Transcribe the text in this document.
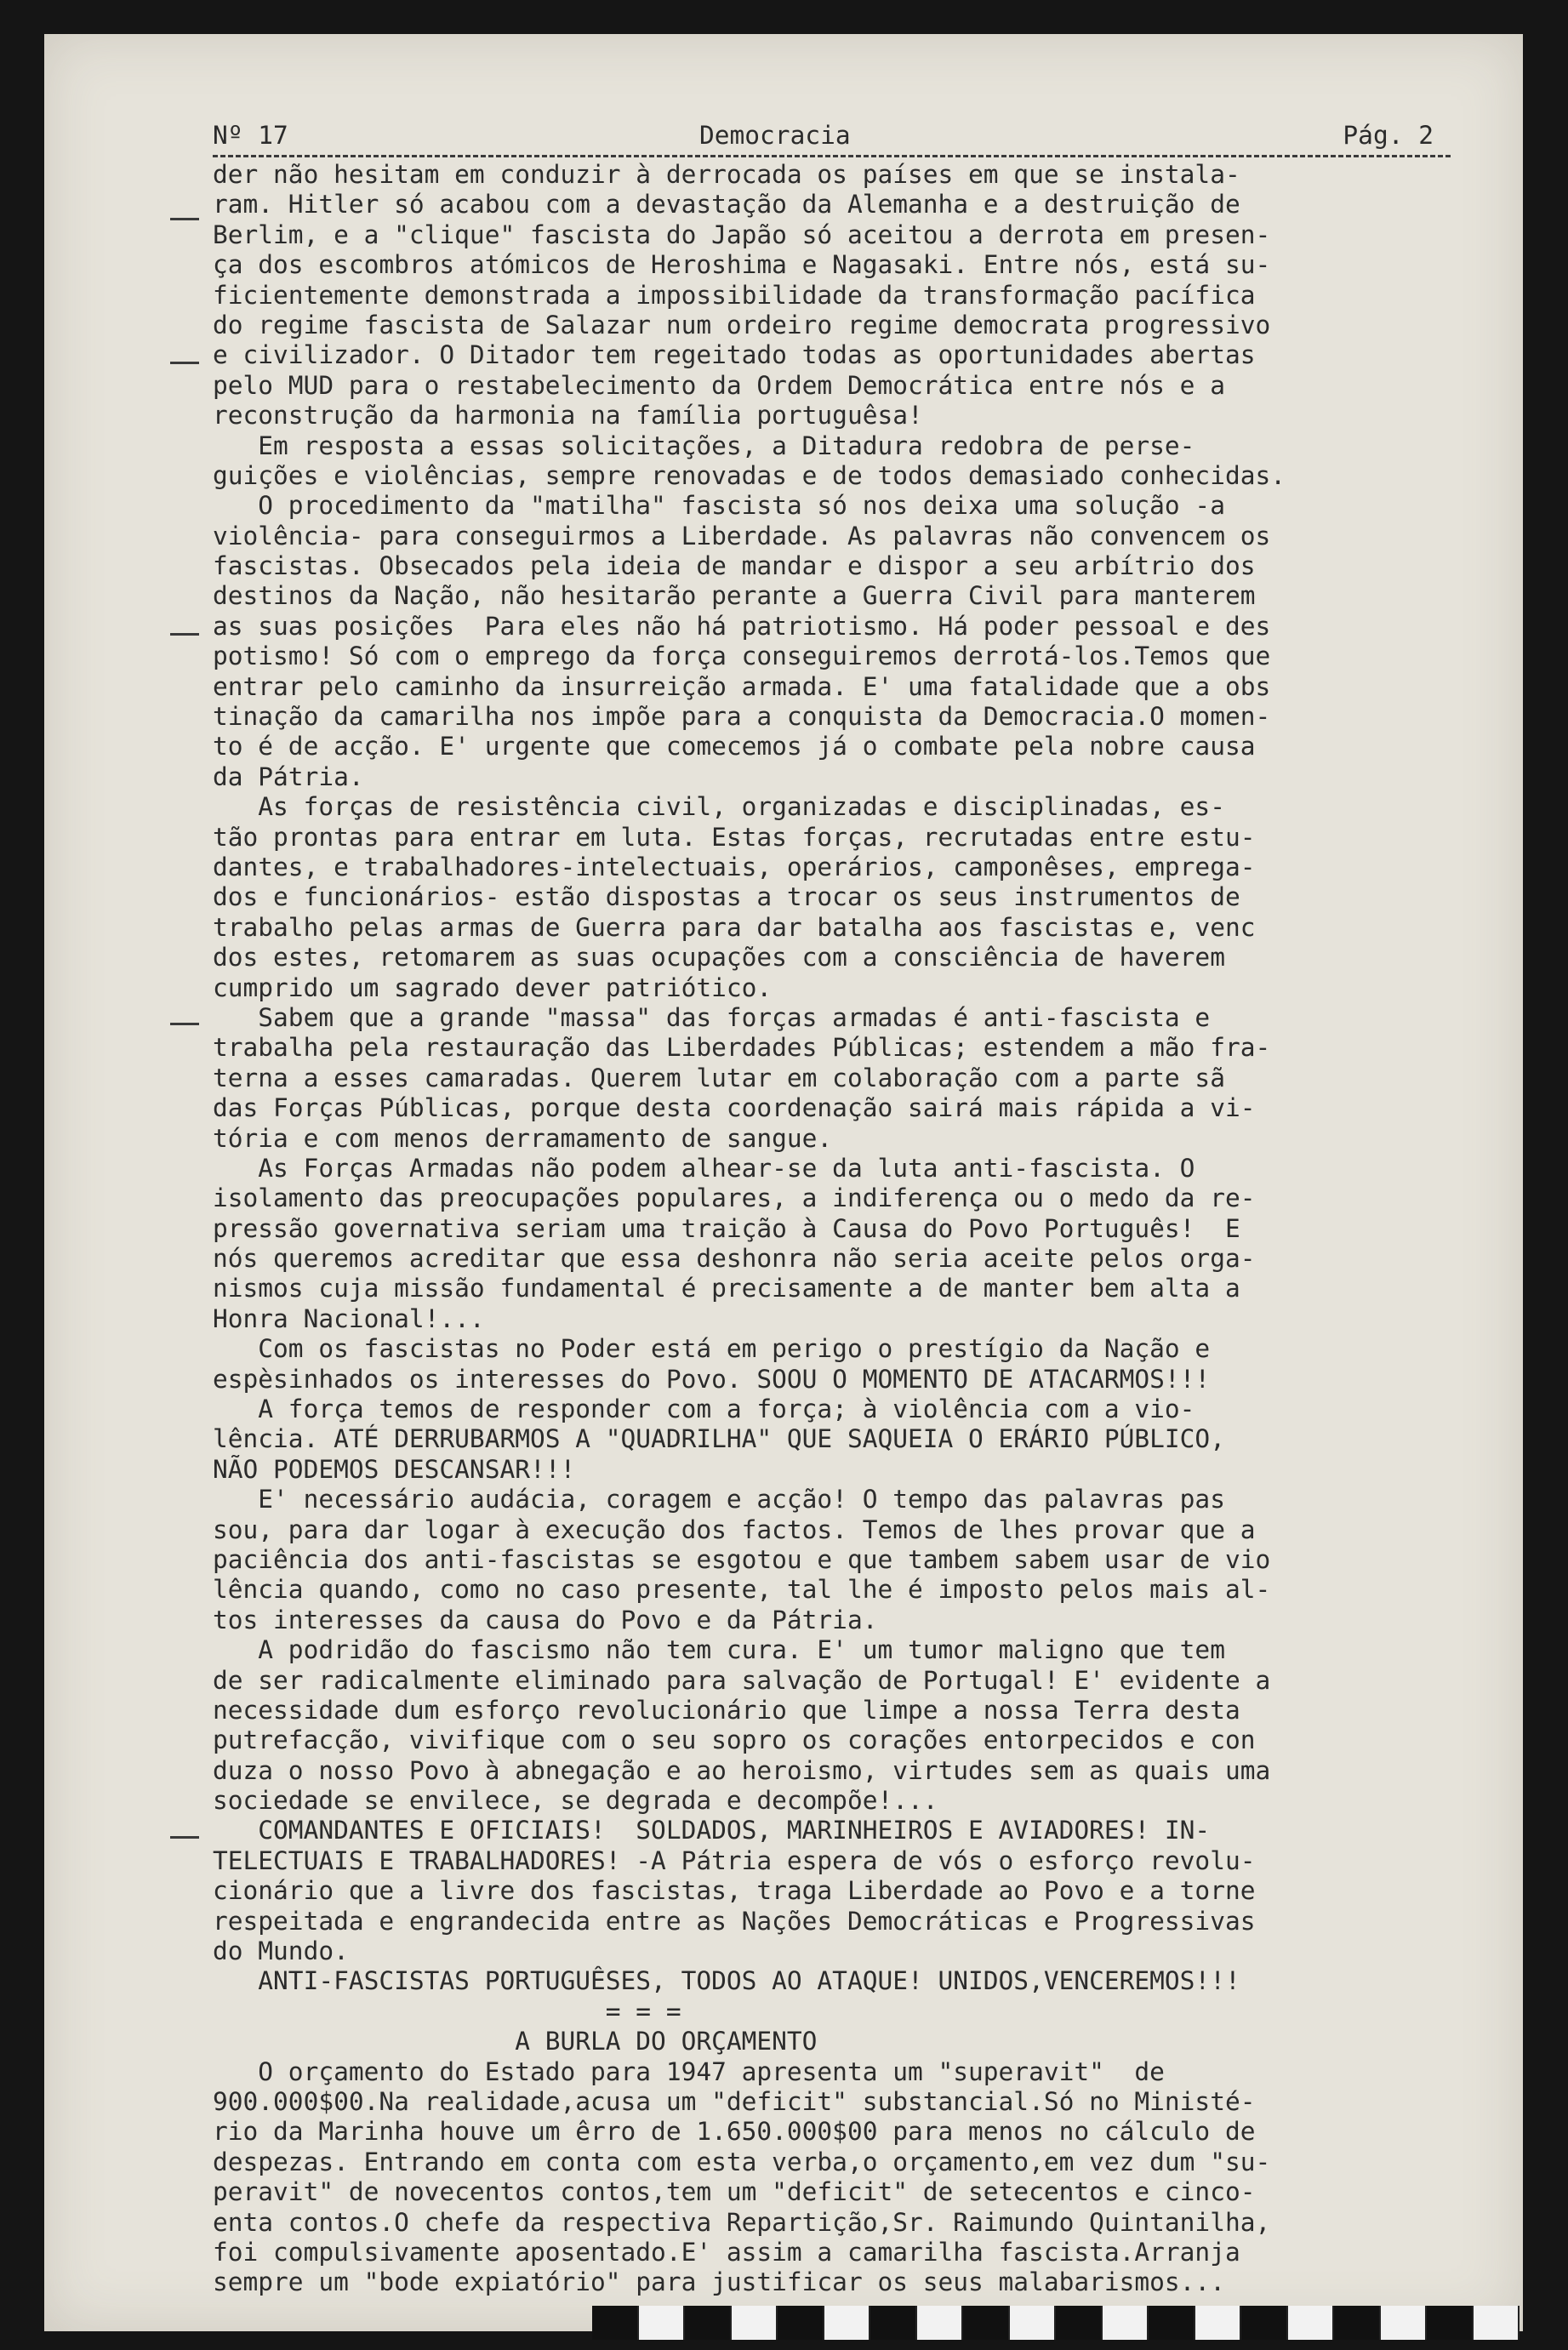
Nº 17	Democracia	Pág. 2
der não hesitam em conduzir à derrocada os países em que se instala-
ram. Hitler só acabou com a devastação da Alemanha e a destruição de
Berlim, e a "clique" fascista do Japão só aceitou a derrota em presen-
ça dos escombros atómicos de Heroshima e Nagasaki. Entre nós, está su-
ficientemente demonstrada a impossibilidade da transformação pacífica
do regime fascista de Salazar num ordeiro regime democrata progressivo
e civilizador. O Ditador tem regeitado todas as oportunidades abertas
pelo MUD para o restabelecimento da Ordem Democrática entre nós e a
reconstrução da harmonia na família portuguêsa!
Em resposta a essas solicitações, a Ditadura redobra de perse-
guições e violências, sempre renovadas e de todos demasiado conhecidas.
O procedimento da "matilha" fascista só nos deixa uma solução -a
violência- para conseguirmos a Liberdade. As palavras não convencem os
fascistas. Obsecados pela ideia de mandar e dispor a seu arbítrio dos
destinos da Nação, não hesitarão perante a Guerra Civil para manterem
as suas posições  Para eles não há patriotismo. Há poder pessoal e des
potismo! Só com o emprego da força conseguiremos derrotá-los.Temos que
entrar pelo caminho da insurreição armada. E' uma fatalidade que a obs
tinação da camarilha nos impõe para a conquista da Democracia.O momen-
to é de acção. E' urgente que comecemos já o combate pela nobre causa
da Pátria.
As forças de resistência civil, organizadas e disciplinadas, es-
tão prontas para entrar em luta. Estas forças, recrutadas entre estu-
dantes, e trabalhadores-intelectuais, operários, camponêses, emprega-
dos e funcionários- estão dispostas a trocar os seus instrumentos de
trabalho pelas armas de Guerra para dar batalha aos fascistas e, venc
dos estes, retomarem as suas ocupações com a consciência de haverem
cumprido um sagrado dever patriótico.
Sabem que a grande "massa" das forças armadas é anti-fascista e
trabalha pela restauração das Liberdades Públicas; estendem a mão fra-
terna a esses camaradas. Querem lutar em colaboração com a parte sã
das Forças Públicas, porque desta coordenação sairá mais rápida a vi-
tória e com menos derramamento de sangue.
As Forças Armadas não podem alhear-se da luta anti-fascista. O
isolamento das preocupações populares, a indiferença ou o medo da re-
pressão governativa seriam uma traição à Causa do Povo Português!  E
nós queremos acreditar que essa deshonra não seria aceite pelos orga-
nismos cuja missão fundamental é precisamente a de manter bem alta a
Honra Nacional!...
Com os fascistas no Poder está em perigo o prestígio da Nação e
espèsinhados os interesses do Povo. SOOU O MOMENTO DE ATACARMOS!!!
A força temos de responder com a força; à violência com a vio-
lência. ATÉ DERRUBARMOS A "QUADRILHA" QUE SAQUEIA O ERÁRIO PÚBLICO,
NÃO PODEMOS DESCANSAR!!!
E' necessário audácia, coragem e acção! O tempo das palavras pas
sou, para dar logar à execução dos factos. Temos de lhes provar que a
paciência dos anti-fascistas se esgotou e que tambem sabem usar de vio
lência quando, como no caso presente, tal lhe é imposto pelos mais al-
tos interesses da causa do Povo e da Pátria.
A podridão do fascismo não tem cura. E' um tumor maligno que tem
de ser radicalmente eliminado para salvação de Portugal! E' evidente a
necessidade dum esforço revolucionário que limpe a nossa Terra desta
putrefacção, vivifique com o seu sopro os corações entorpecidos e con
duza o nosso Povo à abnegação e ao heroismo, virtudes sem as quais uma
sociedade se envilece, se degrada e decompõe!...
COMANDANTES E OFICIAIS!  SOLDADOS, MARINHEIROS E AVIADORES! IN-
TELECTUAIS E TRABALHADORES! -A Pátria espera de vós o esforço revolu-
cionário que a livre dos fascistas, traga Liberdade ao Povo e a torne
respeitada e engrandecida entre as Nações Democráticas e Progressivas
do Mundo.
ANTI-FASCISTAS PORTUGUÊSES, TODOS AO ATAQUE! UNIDOS,VENCEREMOS!!!
= = =
A BURLA DO ORÇAMENTO
O orçamento do Estado para 1947 apresenta um "superavit"  de
900.000$00.Na realidade,acusa um "deficit" substancial.Só no Ministé-
rio da Marinha houve um êrro de 1.650.000$00 para menos no cálculo de
despezas. Entrando em conta com esta verba,o orçamento,em vez dum "su-
peravit" de novecentos contos,tem um "deficit" de setecentos e cinco-
enta contos.O chefe da respectiva Repartição,Sr. Raimundo Quintanilha,
foi compulsivamente aposentado.E' assim a camarilha fascista.Arranja
sempre um "bode expiatório" para justificar os seus malabarismos...
